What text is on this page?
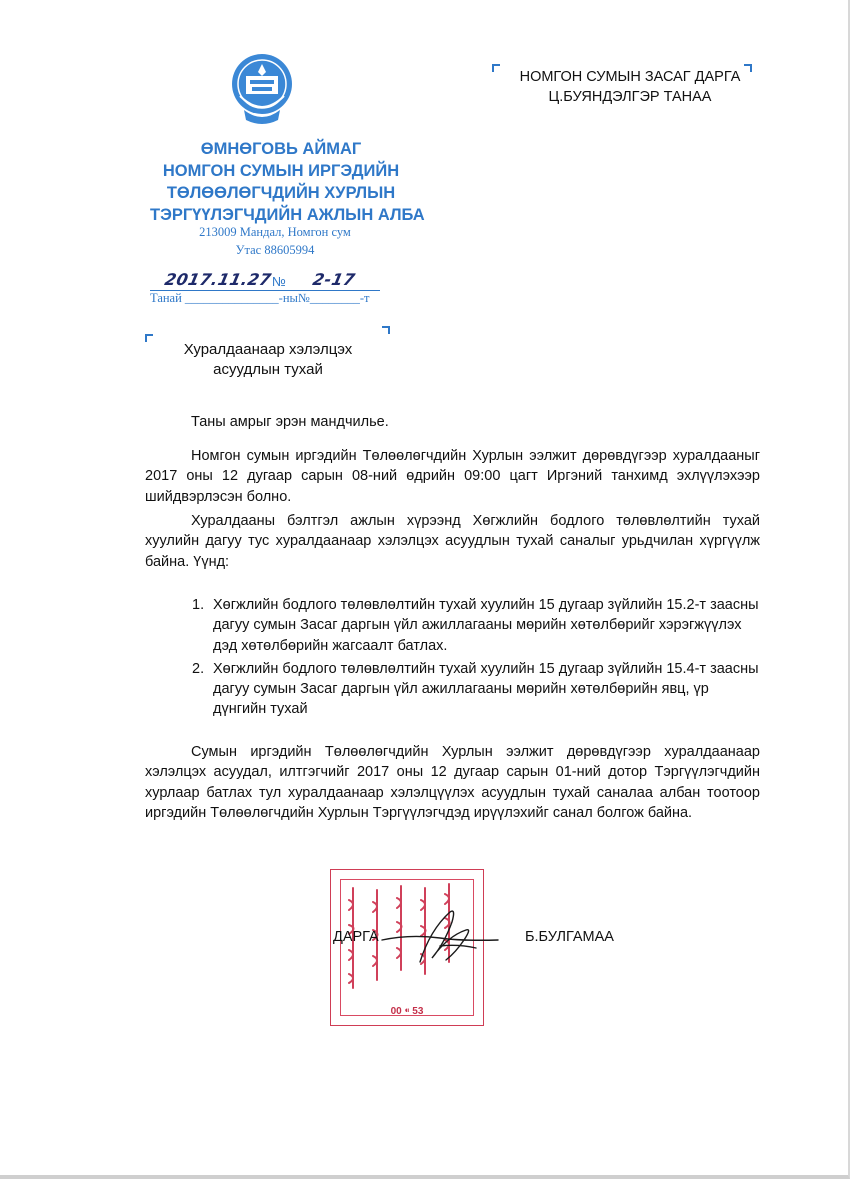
ӨМНӨГОВЬ АЙМАГ
НОМГОН СУМЫН ИРГЭДИЙН
ТӨЛӨӨЛӨГЧДИЙН ХУРЛЫН
ТЭРГҮҮЛЭГЧДИЙН АЖЛЫН АЛБА
213009 Мандал, Номгон сум
Утас 88605994
НОМГОН СУМЫН ЗАСАГ ДАРГА
Ц.БУЯНДЭЛГЭР ТАНАА
2017.11.27
№ 2-17
Танай _______________-ны№________-т
Хуралдаанаар хэлэлцэх
асуудлын тухай

Таны амрыг эрэн мандчилье.

Номгон сумын иргэдийн Төлөөлөгчдийн Хурлын ээлжит дөрөвдүгээр хуралдааныг 2017 оны 12 дугаар сарын 08-ний өдрийн 09:00 цагт Иргэний танхимд эхлүүлэхээр шийдвэрлэсэн болно.

Хуралдааны бэлтгэл ажлын хүрээнд Хөгжлийн бодлого төлөвлөлтийн тухай хуулийн дагуу тус хуралдаанаар хэлэлцэх асуудлын тухай саналыг урьдчилан хүргүүлж байна. Үүнд:

1. Хөгжлийн бодлого төлөвлөлтийн тухай хуулийн 15 дугаар зүйлийн 15.2-т заасны дагуу сумын Засаг даргын үйл ажиллагааны мөрийн хөтөлбөрийг хэрэгжүүлэх дэд хөтөлбөрийн жагсаалт батлах.
2. Хөгжлийн бодлого төлөвлөлтийн тухай хуулийн 15 дугаар зүйлийн 15.4-т заасны дагуу сумын Засаг даргын үйл ажиллагааны мөрийн хөтөлбөрийн явц, үр дүнгийн тухай

Сумын иргэдийн Төлөөлөгчдийн Хурлын ээлжит дөрөвдүгээр хуралдаанаар хэлэлцэх асуудал, илтгэгчийг 2017 оны 12 дугаар сарын 01-ний дотор Тэргүүлэгчдийн хурлаар батлах тул хуралдаанаар хэлэлцүүлэх асуудлын тухай саналаа албан тоотоор иргэдийн Төлөөлөгчдийн Хурлын Тэргүүлэгчдэд ирүүлэхийг санал болгож байна.

00 ⁌ 53
ДАРГА	Б.БУЛГАМАА
